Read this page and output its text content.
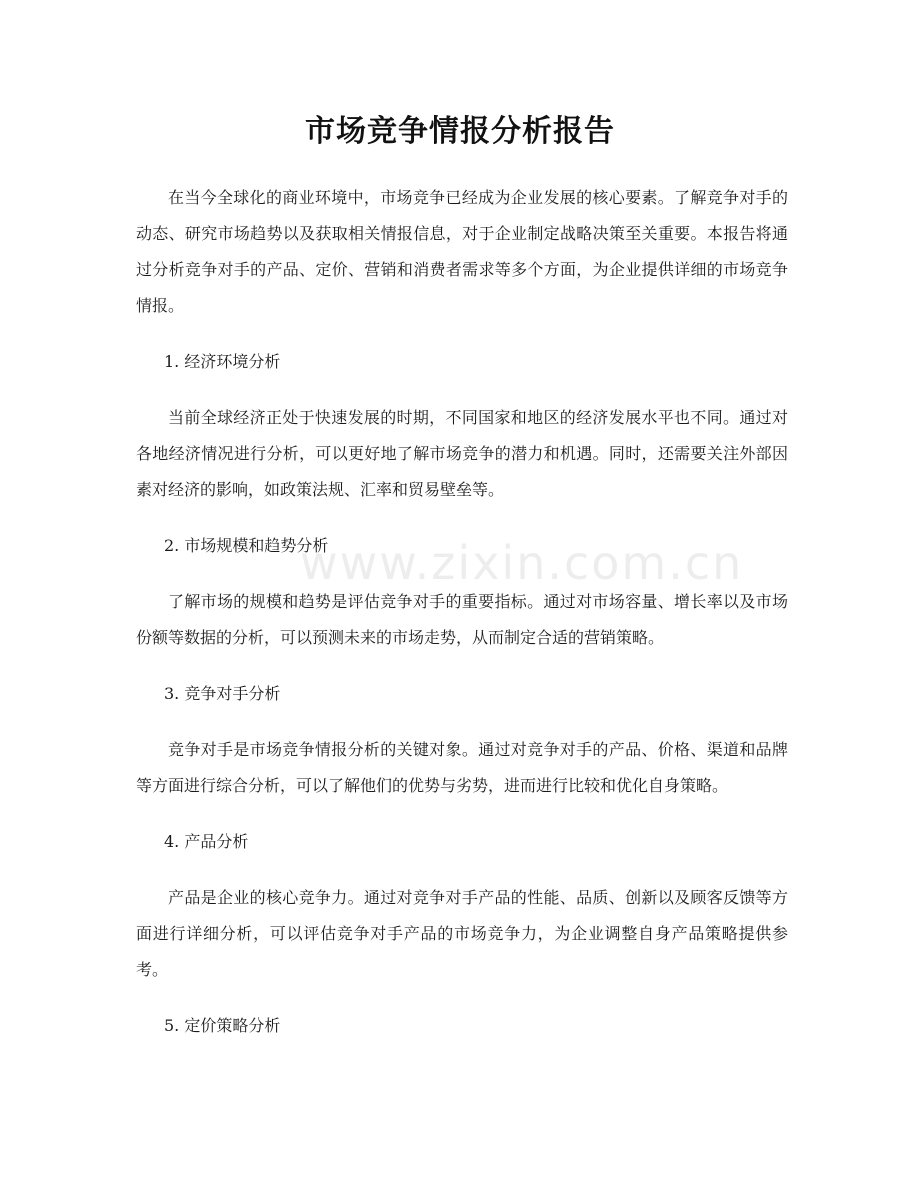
市场竞争情报分析报告

在当今全球化的商业环境中，市场竞争已经成为企业发展的核心要素。了解竞争对手的动态、研究市场趋势以及获取相关情报信息，对于企业制定战略决策至关重要。本报告将通过分析竞争对手的产品、定价、营销和消费者需求等多个方面，为企业提供详细的市场竞争情报。

1. 经济环境分析

当前全球经济正处于快速发展的时期，不同国家和地区的经济发展水平也不同。通过对各地经济情况进行分析，可以更好地了解市场竞争的潜力和机遇。同时，还需要关注外部因素对经济的影响，如政策法规、汇率和贸易壁垒等。

2. 市场规模和趋势分析

了解市场的规模和趋势是评估竞争对手的重要指标。通过对市场容量、增长率以及市场份额等数据的分析，可以预测未来的市场走势，从而制定合适的营销策略。

3. 竞争对手分析

竞争对手是市场竞争情报分析的关键对象。通过对竞争对手的产品、价格、渠道和品牌等方面进行综合分析，可以了解他们的优势与劣势，进而进行比较和优化自身策略。

4. 产品分析

产品是企业的核心竞争力。通过对竞争对手产品的性能、品质、创新以及顾客反馈等方面进行详细分析，可以评估竞争对手产品的市场竞争力，为企业调整自身产品策略提供参考。

5. 定价策略分析
www.zixin.com.cn
